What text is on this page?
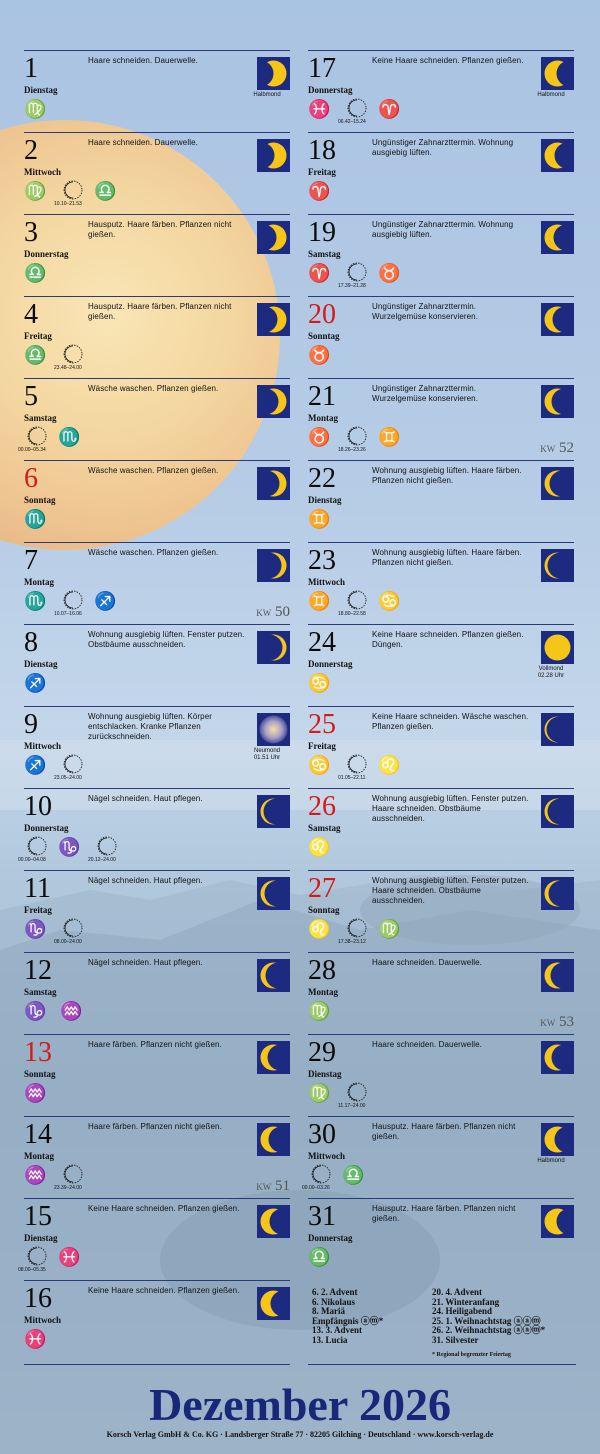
1
Dienstag
Haare schneiden. Dauerwelle.
Halbmond
♍
2
Mittwoch
Haare schneiden. Dauerwelle.
♍
10.10–21.53
♎
3
Donnerstag
Hausputz. Haare färben. Pflanzen nicht gießen.
♎
4
Freitag
Hausputz. Haare färben. Pflanzen nicht gießen.
♎
23.48–24.00
5
Samstag
Wäsche waschen. Pflanzen gießen.
00.00–05.34
♏
6
Sonntag
Wäsche waschen. Pflanzen gießen.
♏
7
Montag
Wäsche waschen. Pflanzen gießen.
♏
10.07–16.06
♐
KW 50
8
Dienstag
Wohnung ausgiebig lüften. Fenster putzen. Obstbäume ausschneiden.
♐
9
Mittwoch
Wohnung ausgiebig lüften. Körper entschlacken. Kranke Pflanzen zurückschneiden.
Neumond
01.51 Uhr
♐
23.05–24.00
10
Donnerstag
Nägel schneiden. Haut pflegen.
00.00–04.08
♑
20.12–24.00
11
Freitag
Nägel schneiden. Haut pflegen.
♑
08.00–24.00
12
Samstag
Nägel schneiden. Haut pflegen.
♑ ♒
13
Sonntag
Haare färben. Pflanzen nicht gießen.
♒
14
Montag
Haare färben. Pflanzen nicht gießen.
♒
23.39–24.00	KW 51
15
Dienstag
Keine Haare schneiden. Pflanzen gießen.
08.00–05.35
♓
16
Mittwoch
Keine Haare schneiden. Pflanzen gießen.
♓
17
Donnerstag
Keine Haare schneiden. Pflanzen gießen.
Halbmond
♓
06.42–15.24
♈
18
Freitag
Ungünstiger Zahnarzttermin. Wohnung ausgiebig lüften.
♈
19
Samstag
Ungünstiger Zahnarzttermin. Wohnung ausgiebig lüften.
♈
17.39–21.28
♉
20
Sonntag
Ungünstiger Zahnarzttermin. Wurzelgemüse konservieren.
♉
21
Montag
Ungünstiger Zahnarzttermin. Wurzelgemüse konservieren.
♉
18.26–23.26
♊
KW 52
22
Dienstag
Wohnung ausgiebig lüften. Haare färben. Pflanzen nicht gießen.
♊
23
Mittwoch
Wohnung ausgiebig lüften. Haare färben. Pflanzen nicht gießen.
♊
18.80–22.58
♋
24
Donnerstag
Keine Haare schneiden. Pflanzen gießen. Düngen.
Vollmond
02.28 Uhr
♋
25
Freitag
Keine Haare schneiden. Wäsche waschen. Pflanzen gießen.
♋
01.05–22.11
♌
26
Samstag
Wohnung ausgiebig lüften. Fenster putzen. Haare schneiden. Obstbäume ausschneiden.
♌
27
Sonntag
Wohnung ausgiebig lüften. Fenster putzen. Haare schneiden. Obstbäume ausschneiden.
♌
17.38–23.12
♍
28
Montag
Haare schneiden. Dauerwelle.
♍
KW 53
29
Dienstag
Haare schneiden. Dauerwelle.
♍
11.17–24.00
30
Mittwoch
Hausputz. Haare färben. Pflanzen nicht gießen.
Halbmond
00.00–03.26
♎
31
Donnerstag
Hausputz. Haare färben. Pflanzen nicht gießen.
♎
6. 2. Advent
6. Nikolaus
8. Mariä
Empfängnis ⓐⓜ*
13. 3. Advent
13. Lucia
20. 4. Advent
21. Winteranfang
24. Heiligabend
25. 1. Weihnachtstag ⓐⓐⓜ
26. 2. Weihnachtstag ⓐⓐⓜ*
31. Silvester
* Regional begrenzter Feiertag
Dezember 2026
Korsch Verlag GmbH & Co. KG · Landsberger Straße 77 · 82205 Gilching · Deutschland · www.korsch-verlag.de
